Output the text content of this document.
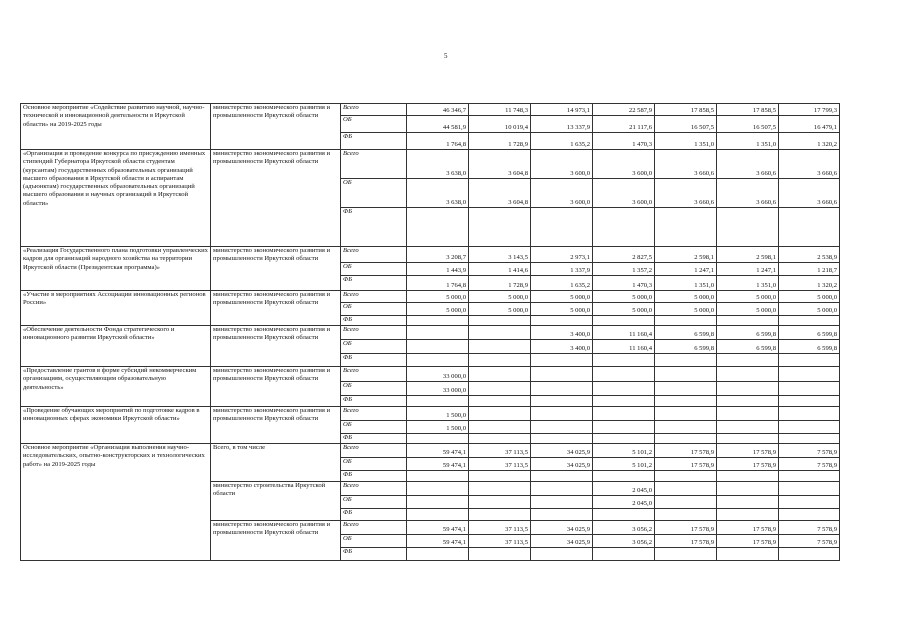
5
Основное мероприятие «Содействие развитию научной, научно-технической и инновационной деятельности в Иркутской области» на 2019-2025 годы	министерство экономического развития и промышленности Иркутской области	Всего	46 346,7	11 748,3	14 973,1	22 587,9	17 858,5	17 858,5	17 799,3
		ОБ	44 581,9	10 019,4	13 337,9	21 117,6	16 507,5	16 507,5	16 479,1
		ФБ	1 764,8	1 728,9	1 635,2	1 470,3	1 351,0	1 351,0	1 320,2
«Организация и проведение конкурса по присуждению именных стипендий Губернатора Иркутской области студентам (курсантам) государственных образовательных организаций высшего образования в Иркутской области и аспирантам (адъюнктам) государственных образовательных организаций высшего образования и научных организаций в Иркутской области»	министерство экономического развития и промышленности Иркутской области	Всего	3 638,0	3 604,8	3 600,0	3 600,0	3 660,6	3 660,6	3 660,6
		ОБ	3 638,0	3 604,8	3 600,0	3 600,0	3 660,6	3 660,6	3 660,6
		ФБ							
«Реализация Государственного плана подготовки управленческих кадров для организаций народного хозяйства на территории Иркутской области (Президентская программа)»	министерство экономического развития и промышленности Иркутской области	Всего	3 208,7	3 143,5	2 973,1	2 827,5	2 598,1	2 598,1	2 538,9
		ОБ	1 443,9	1 414,6	1 337,9	1 357,2	1 247,1	1 247,1	1 218,7
		ФБ	1 764,8	1 728,9	1 635,2	1 470,3	1 351,0	1 351,0	1 320,2
«Участие в мероприятиях Ассоциации инновационных регионов России»	министерство экономического развития и промышленности Иркутской области	Всего	5 000,0	5 000,0	5 000,0	5 000,0	5 000,0	5 000,0	5 000,0
		ОБ	5 000,0	5 000,0	5 000,0	5 000,0	5 000,0	5 000,0	5 000,0
		ФБ							
«Обеспечение деятельности Фонда стратегического и инновационного развития Иркутской области»	министерство экономического развития и промышленности Иркутской области	Всего			3 400,0	11 160,4	6 599,8	6 599,8	6 599,8
		ОБ			3 400,0	11 160,4	6 599,8	6 599,8	6 599,8
		ФБ							
«Предоставление грантов в форме субсидий некоммерческим организациям, осуществляющим образовательную деятельность»	министерство экономического развития и промышленности Иркутской области	Всего	33 000,0						
		ОБ	33 000,0						
		ФБ							
«Проведение обучающих мероприятий по подготовке кадров в инновационных сферах экономики Иркутской области»	министерство экономического развития и промышленности Иркутской области	Всего	1 500,0						
		ОБ	1 500,0						
		ФБ							
Основное мероприятие «Организация выполнения научно-исследовательских, опытно-конструкторских и технологических работ» на 2019-2025 годы	Всего, в том числе	Всего	59 474,1	37 113,5	34 025,9	5 101,2	17 578,9	17 578,9	7 578,9
		ОБ	59 474,1	37 113,5	34 025,9	5 101,2	17 578,9	17 578,9	7 578,9
		ФБ							
	министерство строительства Иркутской области	Всего				2 045,0			
		ОБ				2 045,0			
		ФБ							
	министерство экономического развития и промышленности Иркутской области	Всего	59 474,1	37 113,5	34 025,9	3 056,2	17 578,9	17 578,9	7 578,9
		ОБ	59 474,1	37 113,5	34 025,9	3 056,2	17 578,9	17 578,9	7 578,9
		ФБ							
